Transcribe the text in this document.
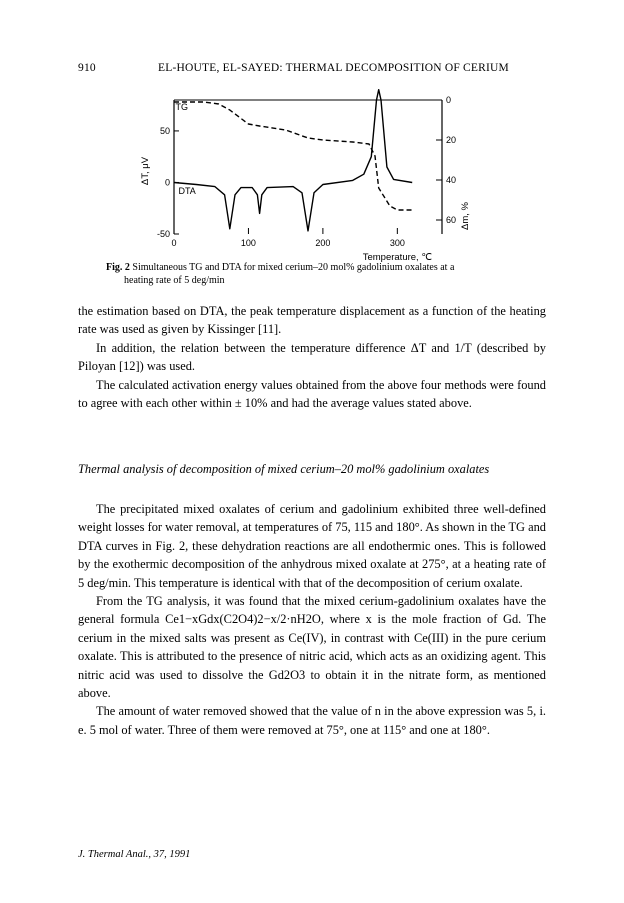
910	EL-HOUTE, EL-SAYED: THERMAL DECOMPOSITION OF CERIUM
0	100	200	300
50
0
-50
0
20
40
60
Temperature, ℃
ΔT, μV
Δm, %
TG
DTA
Fig. 2 Simultaneous TG and DTA for mixed cerium–20 mol% gadolinium oxalates at a
heating rate of 5 deg/min

the estimation based on DTA, the peak temperature displacement as a function of the heating rate was used as given by Kissinger [11].

In addition, the relation between the temperature difference ΔT and 1/T (described by Piloyan [12]) was used.

The calculated activation energy values obtained from the above four methods were found to agree with each other within ± 10% and had the average values stated above.

Thermal analysis of decomposition of mixed cerium–20 mol% gadolinium oxalates

The precipitated mixed oxalates of cerium and gadolinium exhibited three well-defined weight losses for water removal, at temperatures of 75, 115 and 180°. As shown in the TG and DTA curves in Fig. 2, these dehydration reactions are all endothermic ones. This is followed by the exothermic decomposition of the anhydrous mixed oxalate at 275°, at a heating rate of 5 deg/min. This temperature is identical with that of the decomposition of cerium oxalate.

From the TG analysis, it was found that the mixed cerium-gadolinium oxalates have the general formula Ce1−xGdx(C2O4)2−x/2·nH2O, where x is the mole fraction of Gd. The cerium in the mixed salts was present as Ce(IV), in contrast with Ce(III) in the pure cerium oxalate. This is attributed to the presence of nitric acid, which acts as an oxidizing agent. This nitric acid was used to dissolve the Gd2O3 to obtain it in the nitrate form, as mentioned above.

The amount of water removed showed that the value of n in the above expression was 5, i. e. 5 mol of water. Three of them were removed at 75°, one at 115° and one at 180°.

J. Thermal Anal., 37, 1991
